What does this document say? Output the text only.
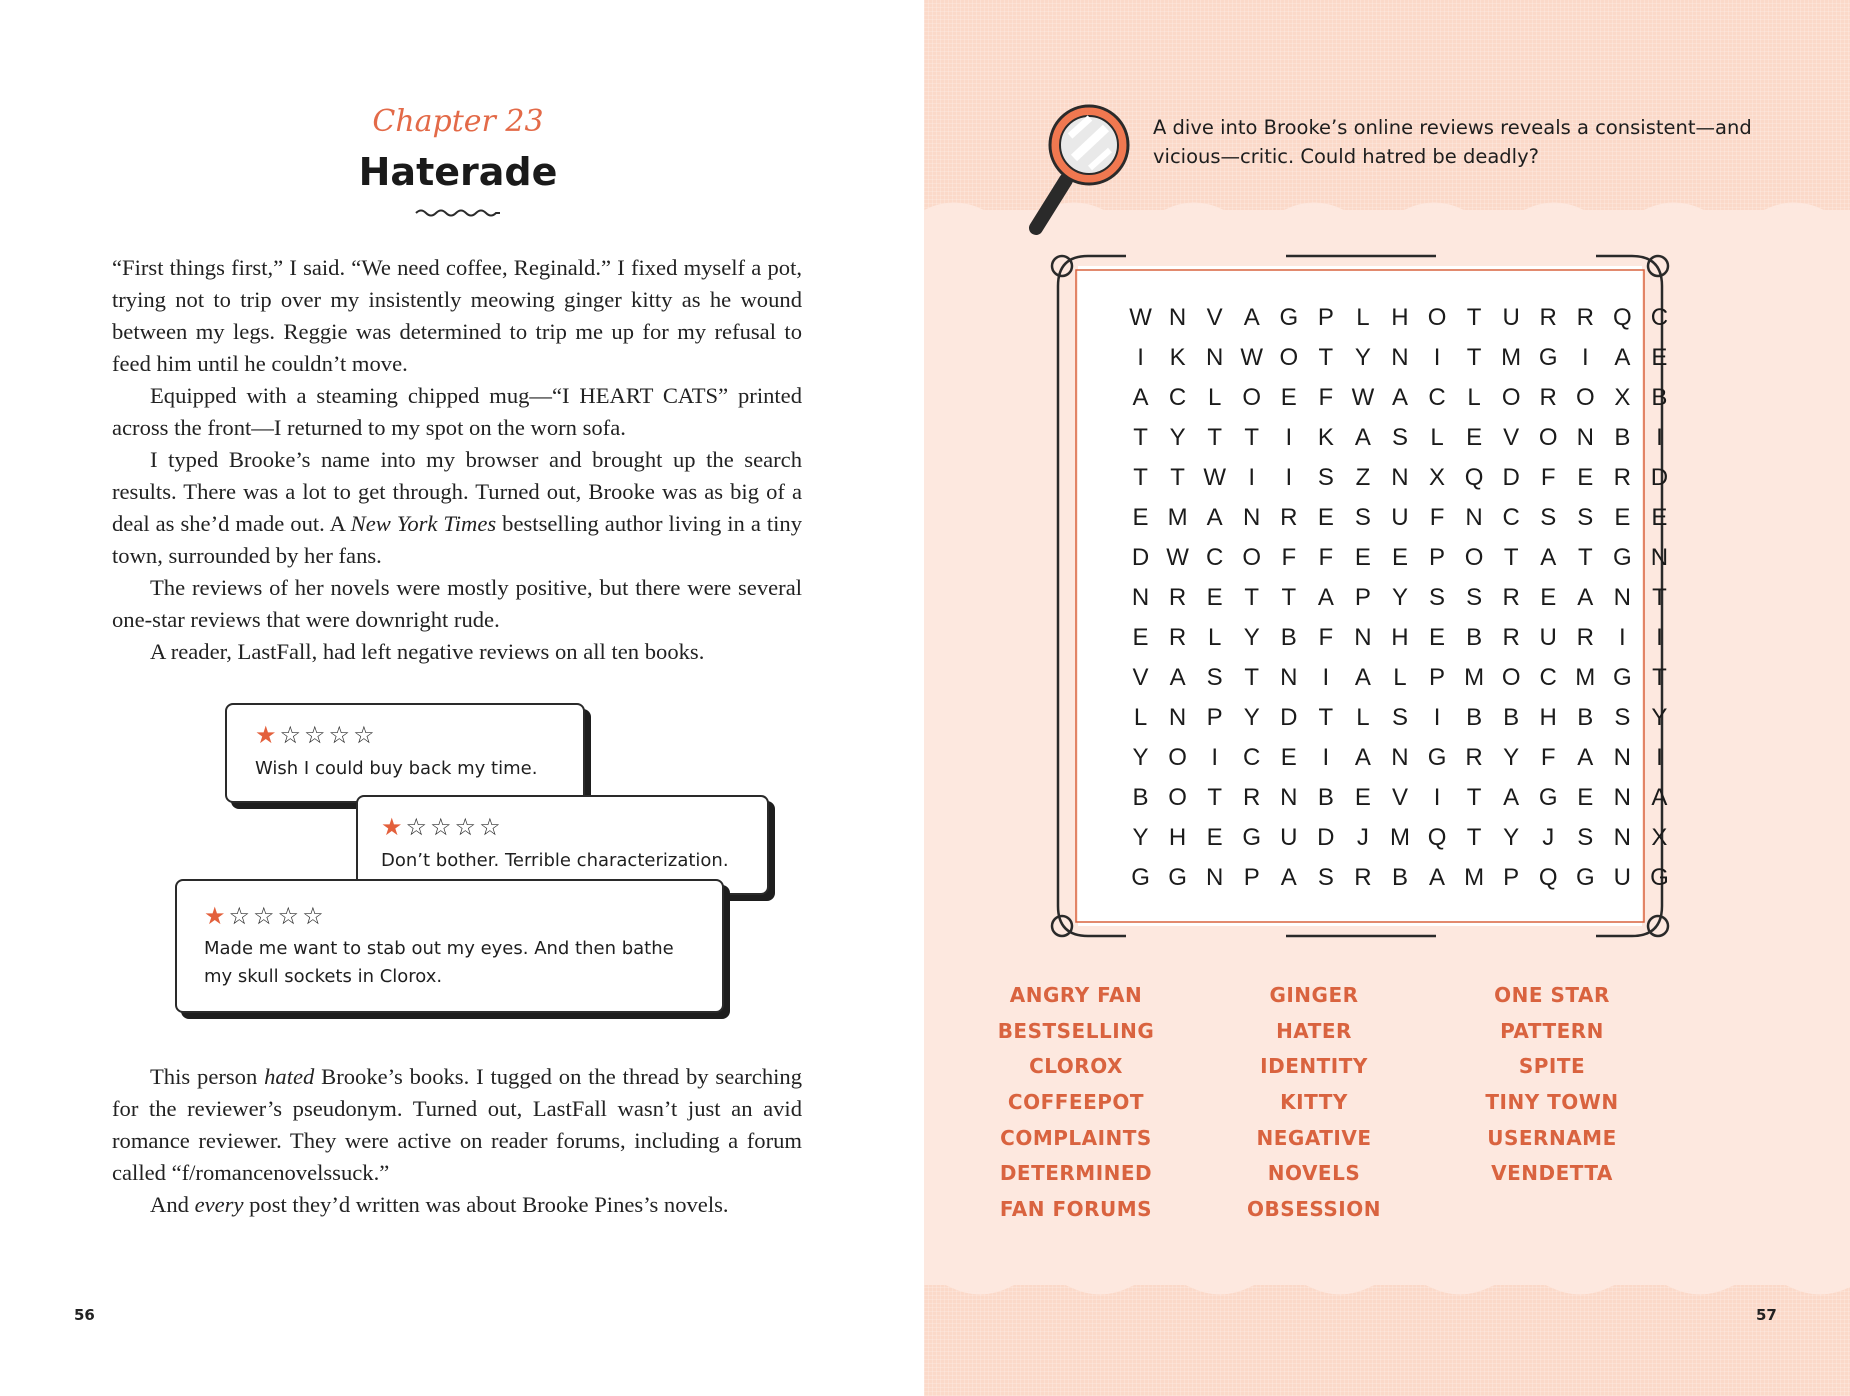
Chapter 23
Haterade

“First things first,” I said. “We need coffee, Reginald.” I fixed myself a pot, trying not to trip over my insistently meowing ginger kitty as he wound between my legs. Reggie was determined to trip me up for my refusal to feed him until he couldn’t move.

Equipped with a steaming chipped mug—“I HEART CATS” printed across the front—I returned to my spot on the worn sofa.

I typed Brooke’s name into my browser and brought up the search results. There was a lot to get through. Turned out, Brooke was as big of a deal as she’d made out. A New York Times bestselling author living in a tiny town, surrounded by her fans.

The reviews of her novels were mostly positive, but there were several one-star reviews that were downright rude.

A reader, LastFall, had left negative reviews on all ten books.

★ ☆ ☆ ☆ ☆
Wish I could buy back my time.
★ ☆ ☆ ☆ ☆
Don’t bother. Terrible characterization.
★ ☆ ☆ ☆ ☆
Made me want to stab out my eyes. And then bathe
my skull sockets in Clorox.

This person hated Brooke’s books. I tugged on the thread by searching for the reviewer’s pseudonym. Turned out, LastFall wasn’t just an avid romance reviewer. They were active on reader forums, including a forum called “f/romancenovelssuck.”

And every post they’d written was about Brooke Pines’s novels.

56
A dive into Brooke’s online reviews reveals a consistent—and
vicious—critic. Could hatred be deadly?
ANGRY FAN
BESTSELLING
CLOROX
COFFEEPOT
COMPLAINTS
DETERMINED
FAN FORUMS
GINGER
HATER
IDENTITY
KITTY
NEGATIVE
NOVELS
OBSESSION
ONE STAR
PATTERN
SPITE
TINY TOWN
USERNAME
VENDETTA
57
W N V A G P L H O T U R R Q C
I	K N W O T Y N	I	T M G	I	A E
A C L O E F W A C L O R O X B
T Y T T	I	K A S L E V O N B	I
T T W I	I	S Z N X Q D F E R D
E M A N R E S U F N C S S E E
D W C O F F E E P O T A T G N
N R E T T A P Y S S R E A N T
E R L Y B F N H E B R U R	I	I
V A S T N	I	A L P M O C M G T
L N P Y D T L S	I	B B H B S Y
Y O	I	C E	I	A N G R Y F A N	I
B O T R N B E V	I	T A G E N A
Y H E G U D J M Q T Y J S N X
G G N P A S R B A M P Q G U G
